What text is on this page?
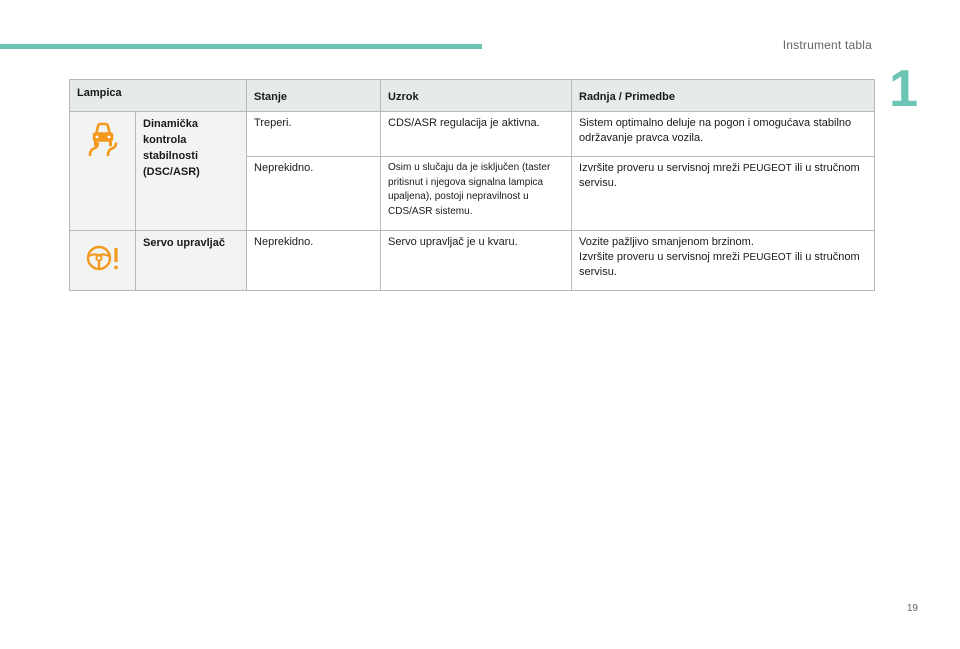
Instrument tabla
1
Lampica		Stanje	Uzrok	Radnja / Primedbe
	Dinamička kontrola stabilnosti (DSC/ASR)	Treperi.	CDS/ASR regulacija je aktivna.	Sistem optimalno deluje na pogon i omogućava stabilno održavanje pravca vozila.
		Neprekidno.	Osim u slučaju da je isključen (taster pritisnut i njegova signalna lampica upaljena), postoji nepravilnost u CDS/ASR sistemu.	Izvršite proveru u servisnoj mreži PEUGEOT ili u stručnom servisu.
	Servo upravljač	Neprekidno.	Servo upravljač je u kvaru.	Vozite pažljivo smanjenom brzinom.
Izvršite proveru u servisnoj mreži PEUGEOT ili u stručnom servisu.
19
